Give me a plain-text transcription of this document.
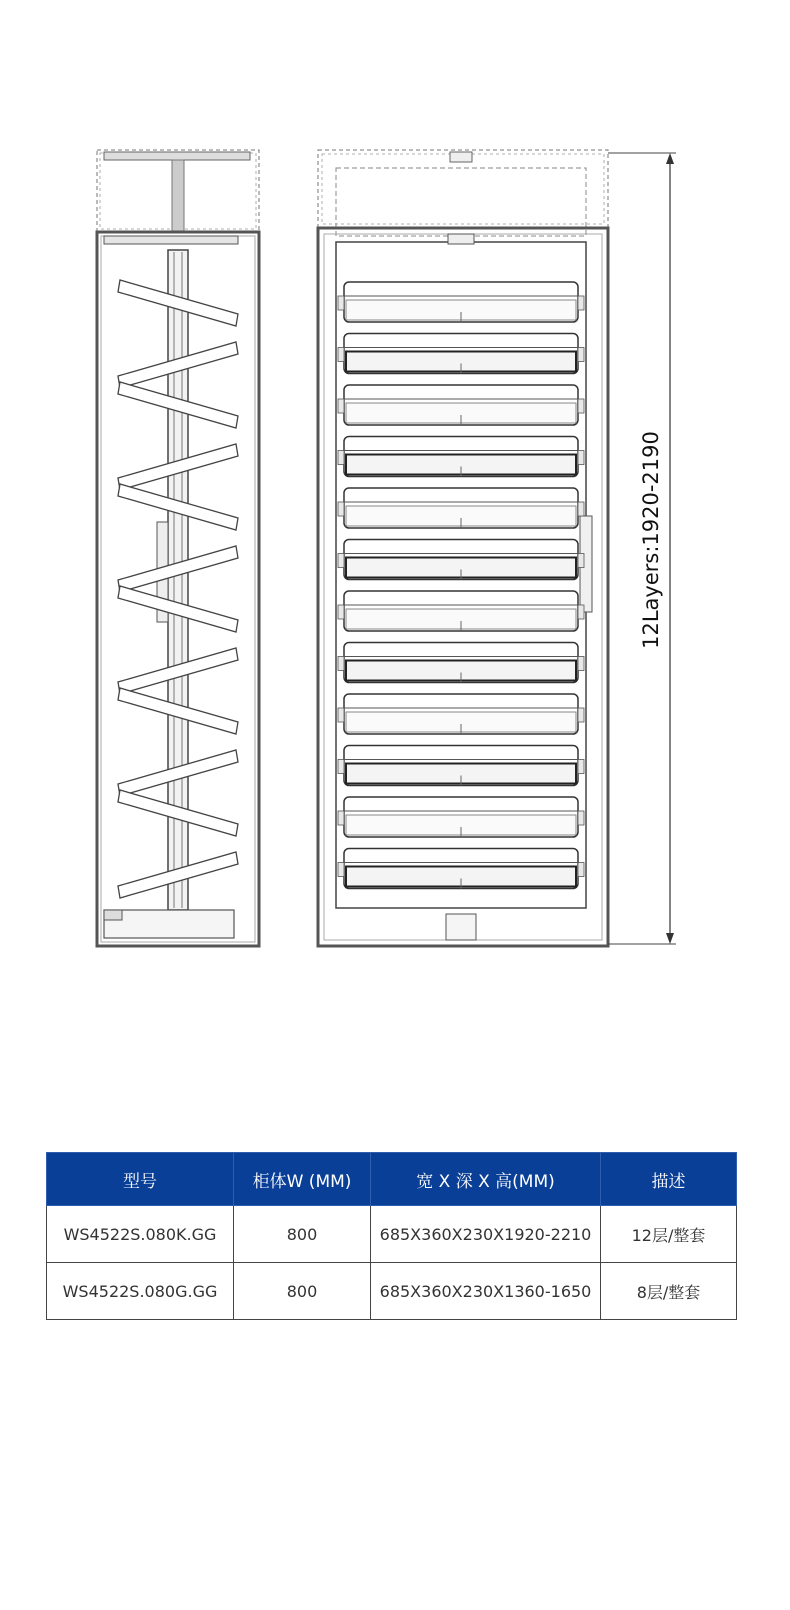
12Layers:1920-2190
型号	柜体W (MM)	宽 X 深 X 高(MM)	描述
WS4522S.080K.GG	800	685X360X230X1920-2210	12层/整套
WS4522S.080G.GG	800	685X360X230X1360-1650	8层/整套
